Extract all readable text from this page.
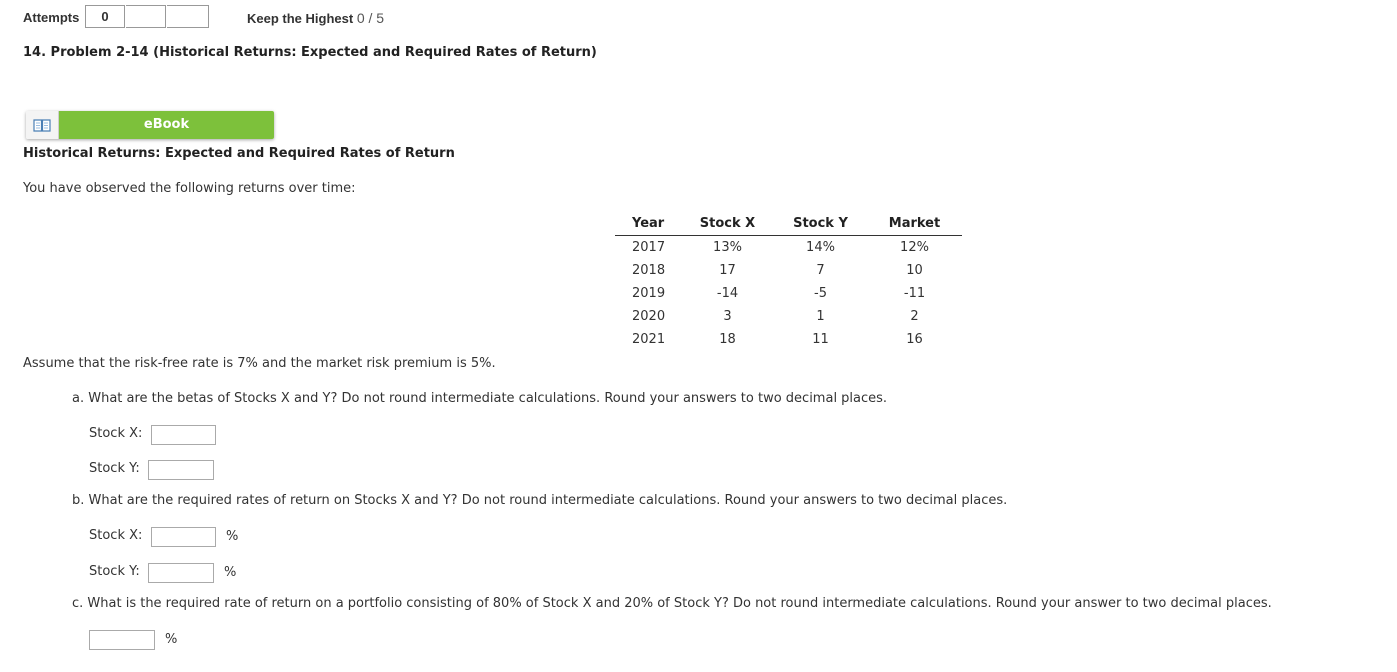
Attempts	0	Keep the Highest 0 / 5
14. Problem 2-14 (Historical Returns: Expected and Required Rates of Return)
eBook
Historical Returns: Expected and Required Rates of Return
You have observed the following returns over time:
Year	Stock X	Stock Y	Market
2017	13%	14%	12%
2018	17	7	10
2019	-14	-5	-11
2020	3	1	2
2021	18	11	16
Assume that the risk-free rate is 7% and the market risk premium is 5%.
a. What are the betas of Stocks X and Y? Do not round intermediate calculations. Round your answers to two decimal places.
Stock X:
Stock Y:
b. What are the required rates of return on Stocks X and Y? Do not round intermediate calculations. Round your answers to two decimal places.
Stock X:	%
Stock Y:	%
c. What is the required rate of return on a portfolio consisting of 80% of Stock X and 20% of Stock Y? Do not round intermediate calculations. Round your answer to two decimal places.
%
